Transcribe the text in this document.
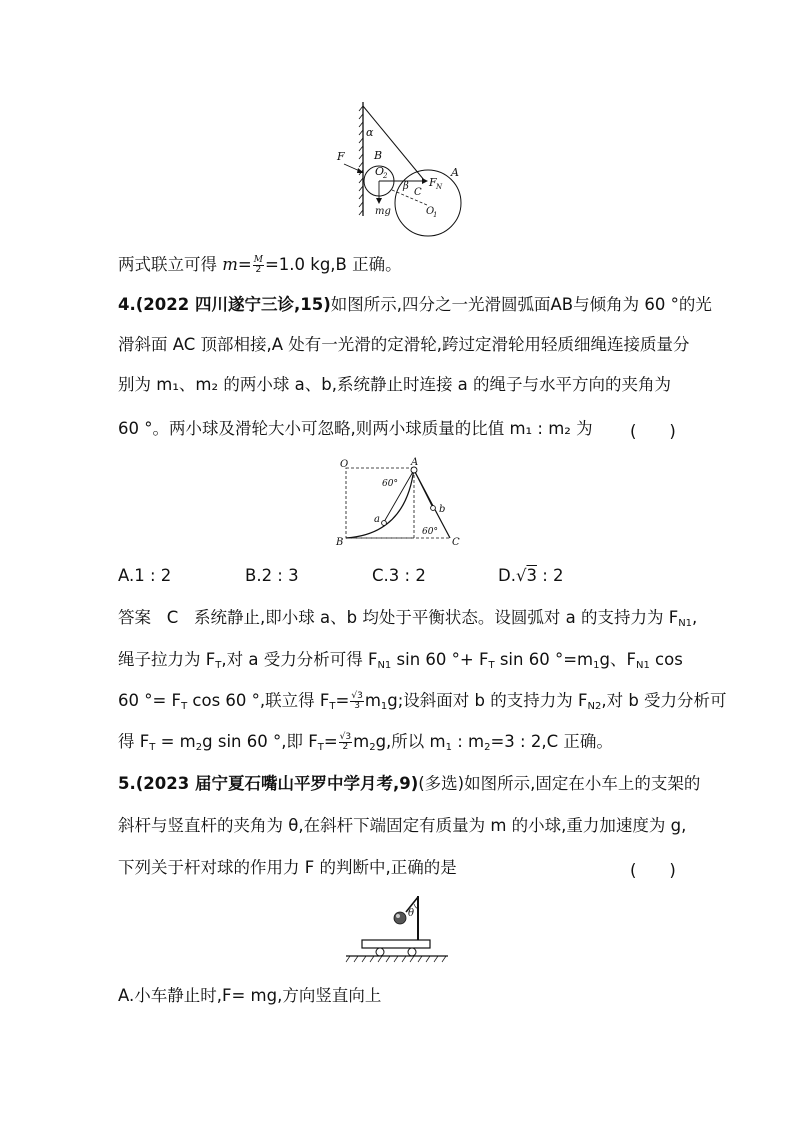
α
F	B
O
2	F N
A
β
C
mg	O
1
两式联立可得 $m= \frac{M}{2} =1.0$ kg,B 正确。
4.(2022 四川遂宁三诊,15)如图所示,四分之一光滑圆弧面AB与倾角为 60 °的光
滑斜面 AC 顶部相接,A 处有一光滑的定滑轮,跨过定滑轮用轻质细绳连接质量分
别为 m₁、m₂ 的两小球 a、b,系统静止时连接 a 的绳子与水平方向的夹角为
60 °。两小球及滑轮大小可忽略,则两小球质量的比值 m₁ : m₂ 为 (　　)
O	A
60°
b
a
60°
B	C
A.1 : 2	B.2 : 3	C.3 : 2	D.√3 : 2
答案 C 系统静止,即小球 a、b 均处于平衡状态。设圆弧对 a 的支持力为 $F_{N1}$,
绳子拉力为 $F_T$,对 a 受力分析可得 $F_{N1}$ sin 60 °+ $F_T$ sin 60 $^\circ=m_1g$、$F_{N1}$ cos
60 °= $F_T$ cos 60 °,联立得 $F_T= \frac{√3}{3} m_1g$;设斜面对 b 的支持力为 $F_{N2}$,对 b 受力分析可
得 $F_T = m_2g$ sin 60 °,即 $F_T= \frac{√3}{2} m_2g$,所以 $m_1$ : $m_2=3$ : 2,C 正确。
5.(2023 届宁夏石嘴山平罗中学月考,9)(多选)如图所示,固定在小车上的支架的
斜杆与竖直杆的夹角为 θ,在斜杆下端固定有质量为 m 的小球,重力加速度为 g,
下列关于杆对球的作用力 F 的判断中,正确的是	(　　)
θ
A.小车静止时,F= mg,方向竖直向上
